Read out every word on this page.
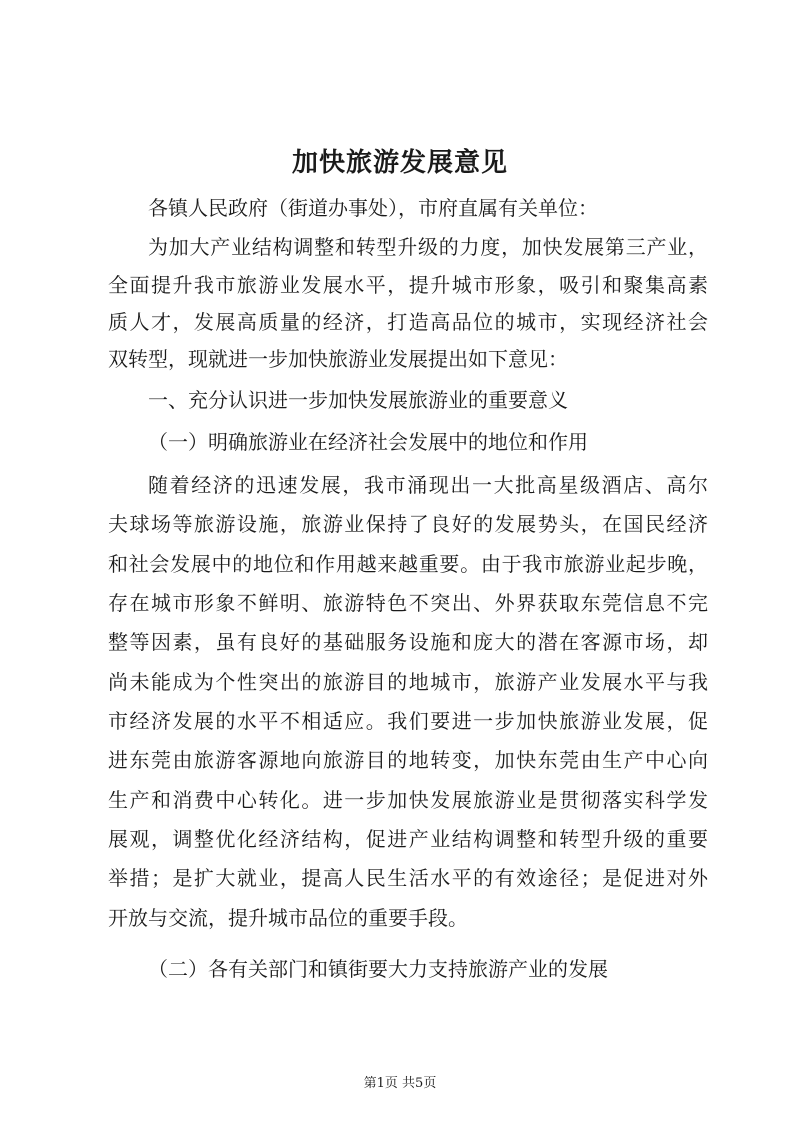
加快旅游发展意见
各镇人民政府（街道办事处），市府直属有关单位：
为加大产业结构调整和转型升级的力度，加快发展第三产业，
全面提升我市旅游业发展水平，提升城市形象，吸引和聚集高素
质人才，发展高质量的经济，打造高品位的城市，实现经济社会
双转型，现就进一步加快旅游业发展提出如下意见：
一、充分认识进一步加快发展旅游业的重要意义
（一）明确旅游业在经济社会发展中的地位和作用
随着经济的迅速发展，我市涌现出一大批高星级酒店、高尔
夫球场等旅游设施，旅游业保持了良好的发展势头，在国民经济
和社会发展中的地位和作用越来越重要。由于我市旅游业起步晚，
存在城市形象不鲜明、旅游特色不突出、外界获取东莞信息不完
整等因素，虽有良好的基础服务设施和庞大的潜在客源市场，却
尚未能成为个性突出的旅游目的地城市，旅游产业发展水平与我
市经济发展的水平不相适应。我们要进一步加快旅游业发展，促
进东莞由旅游客源地向旅游目的地转变，加快东莞由生产中心向
生产和消费中心转化。进一步加快发展旅游业是贯彻落实科学发
展观，调整优化经济结构，促进产业结构调整和转型升级的重要
举措；是扩大就业，提高人民生活水平的有效途径；是促进对外
开放与交流，提升城市品位的重要手段。
（二）各有关部门和镇街要大力支持旅游产业的发展
第1页 共5页
